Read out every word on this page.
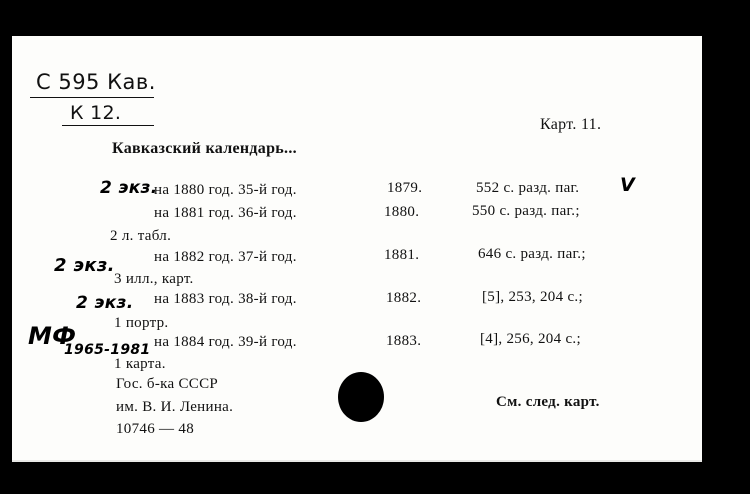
С 595 Кав.
К 12.
Карт. 11.
Кавказский календарь...
2 экз.	V
на 1880 год. 35-й год.	1879.	552 с. разд. паг.
на 1881 год. 36-й год.	1880.	550 с. разд. паг.;
2 л. табл.
2 экз.	на 1882 год. 37-й год.	1881.	646 с. разд. паг.;
3 илл., карт.
2 экз. на 1883 год. 38-й год.	1882.	[5], 253, 204 с.;
1 портр.
МФ
1965-1981 на 1884 год. 39-й год.	1883.	[4], 256, 204 с.;
1 карта.
Гос. б-ка СССР
им. В. И. Ленина.
10746 — 48
См. след. карт.
